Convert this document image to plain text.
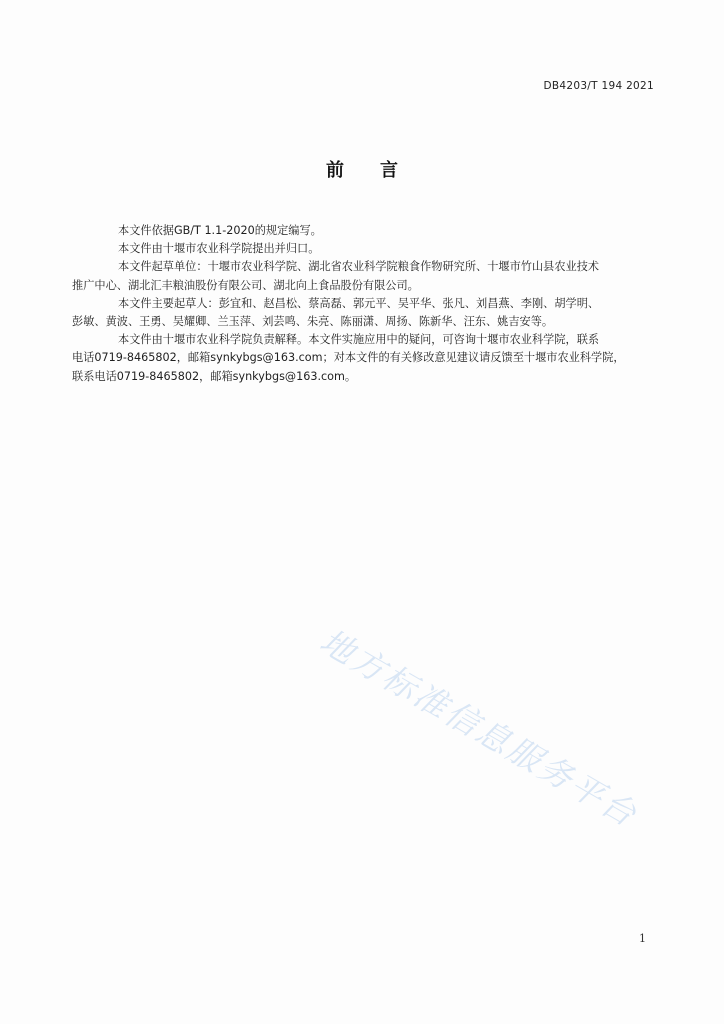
DB4203/T 194 2021
前言

本文件依据GB/T 1.1-2020的规定编写。

本文件由十堰市农业科学院提出并归口。

本文件起草单位：十堰市农业科学院、湖北省农业科学院粮食作物研究所、十堰市竹山县农业技术
推广中心、湖北汇丰粮油股份有限公司、湖北向上食品股份有限公司。

本文件主要起草人：彭宜和、赵昌松、蔡高磊、郭元平、吴平华、张凡、刘昌燕、李刚、胡学明、
彭敏、黄波、王勇、吴耀卿、兰玉萍、刘芸鸣、朱亮、陈丽潇、周扬、陈新华、汪东、姚吉安等。

本文件由十堰市农业科学院负责解释。本文件实施应用中的疑问，可咨询十堰市农业科学院，联系
电话0719-8465802，邮箱synkybgs@163.com；对本文件的有关修改意见建议请反馈至十堰市农业科学院，
联系电话0719-8465802，邮箱synkybgs@163.com。

地方标准信息服务平台
1
